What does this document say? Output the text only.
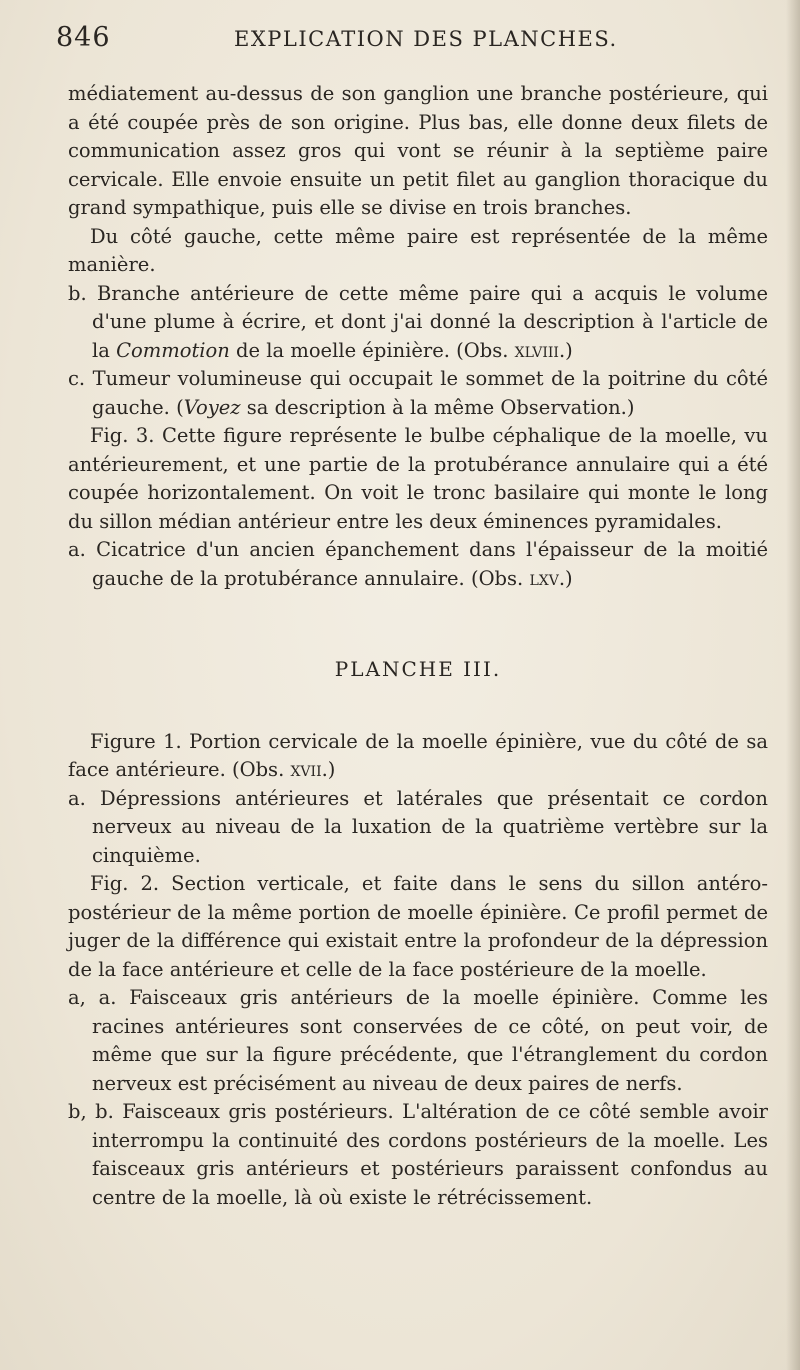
846	EXPLICATION DES PLANCHES.

médiatement au-dessus de son ganglion une branche postérieure, qui a été coupée près de son origine. Plus bas, elle donne deux filets de communication assez gros qui vont se réunir à la septième paire cervicale. Elle envoie ensuite un petit filet au ganglion thoracique du grand sympathique, puis elle se divise en trois branches.

Du côté gauche, cette même paire est représentée de la même manière.

b. Branche antérieure de cette même paire qui a acquis le volume d'une plume à écrire, et dont j'ai donné la description à l'article de la Commotion de la moelle épinière. (Obs. xlviii.)

c. Tumeur volumineuse qui occupait le sommet de la poitrine du côté gauche. (Voyez sa description à la même Observation.)

Fig. 3. Cette figure représente le bulbe céphalique de la moelle, vu antérieurement, et une partie de la protubérance annulaire qui a été coupée horizontalement. On voit le tronc basilaire qui monte le long du sillon médian antérieur entre les deux éminences pyramidales.

a. Cicatrice d'un ancien épanchement dans l'épaisseur de la moitié gauche de la protubérance annulaire. (Obs. lxv.)

PLANCHE III.

Figure 1. Portion cervicale de la moelle épinière, vue du côté de sa face antérieure. (Obs. xvii.)

a. Dépressions antérieures et latérales que présentait ce cordon nerveux au niveau de la luxation de la quatrième vertèbre sur la cinquième.

Fig. 2. Section verticale, et faite dans le sens du sillon antéro-postérieur de la même portion de moelle épinière. Ce profil permet de juger de la différence qui existait entre la profondeur de la dépression de la face antérieure et celle de la face postérieure de la moelle.

a, a. Faisceaux gris antérieurs de la moelle épinière. Comme les racines antérieures sont conservées de ce côté, on peut voir, de même que sur la figure précédente, que l'étranglement du cordon nerveux est précisément au niveau de deux paires de nerfs.

b, b. Faisceaux gris postérieurs. L'altération de ce côté semble avoir interrompu la continuité des cordons postérieurs de la moelle. Les faisceaux gris antérieurs et postérieurs paraissent confondus au centre de la moelle, là où existe le rétrécissement.
